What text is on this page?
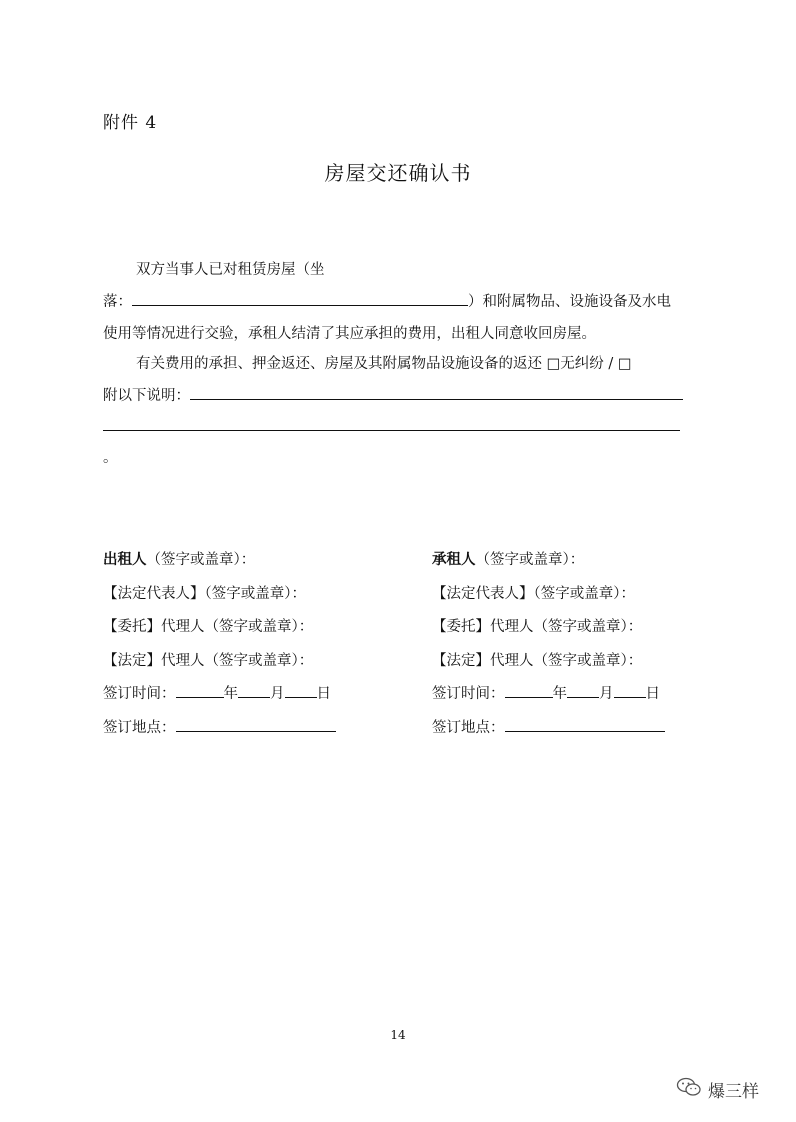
附件 4
房屋交还确认书
双方当事人已对租赁房屋（坐
落：	）和附属物品、设施设备及水电
使用等情况进行交验，承租人结清了其应承担的费用，出租人同意收回房屋。
有关费用的承担、押金返还、房屋及其附属物品设施设备的返还 □无纠纷 / □
附以下说明：
。
出租人（签字或盖章）：
【法定代表人】（签字或盖章）：
【委托】代理人（签字或盖章）：
【法定】代理人（签字或盖章）：
签订时间：	年 月 日
签订地点：
承租人（签字或盖章）：
【法定代表人】（签字或盖章）：
【委托】代理人（签字或盖章）：
【法定】代理人（签字或盖章）：
签订时间：	年 月 日
签订地点：
14
爆三样
